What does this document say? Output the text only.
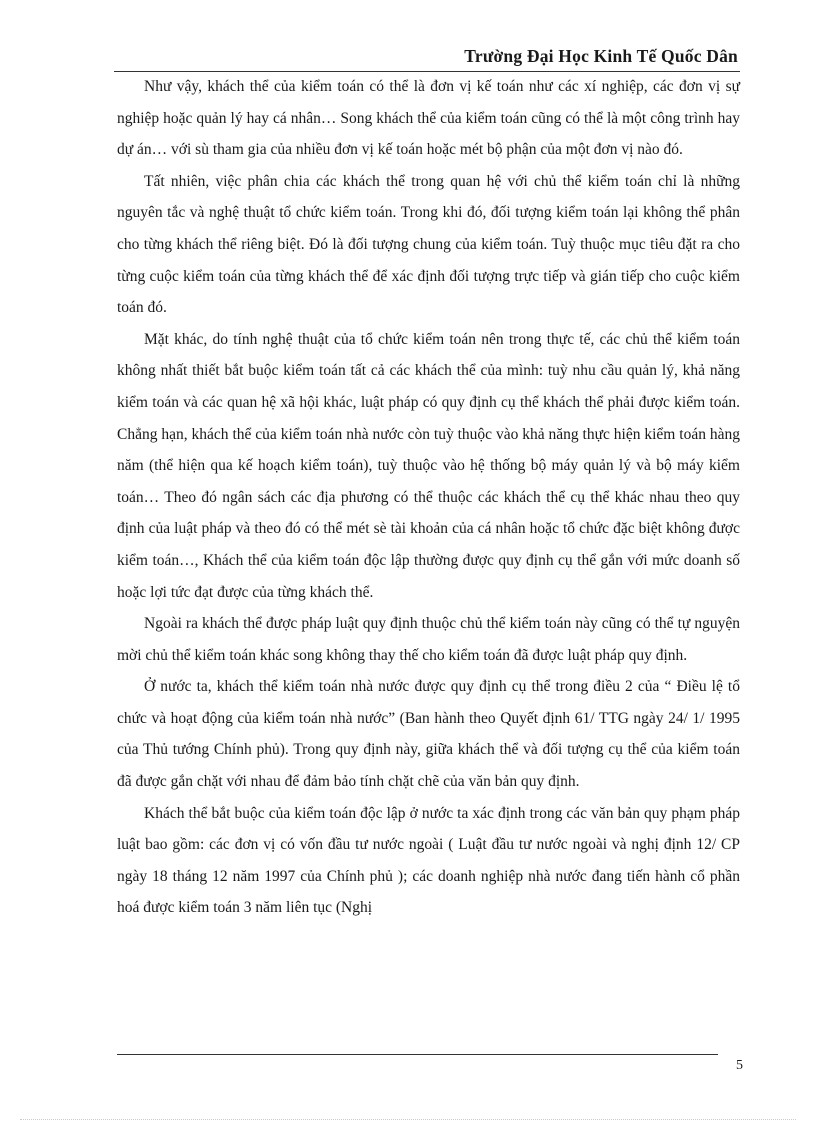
Trường Đại Học Kinh Tế Quốc Dân

Như vậy, khách thể của kiểm toán có thể là đơn vị kế toán như các xí nghiệp, các đơn vị sự nghiệp hoặc quản lý hay cá nhân… Song khách thể của kiểm toán cũng có thể là một công trình hay dự án… với sù tham gia của nhiều đơn vị kế toán hoặc mét bộ phận của một đơn vị nào đó.

Tất nhiên, việc phân chia các khách thể trong quan hệ với chủ thể kiểm toán chỉ là những nguyên tắc và nghệ thuật tổ chức kiểm toán. Trong khi đó, đối tượng kiểm toán lại không thể phân cho từng khách thể riêng biệt. Đó là đối tượng chung của kiểm toán. Tuỳ thuộc mục tiêu đặt ra cho từng cuộc kiểm toán của từng khách thể để xác định đối tượng trực tiếp và gián tiếp cho cuộc kiểm toán đó.

Mặt khác, do tính nghệ thuật của tổ chức kiểm toán nên trong thực tế, các chủ thể kiểm toán không nhất thiết bắt buộc kiểm toán tất cả các khách thể của mình: tuỳ nhu cầu quản lý, khả năng kiểm toán và các quan hệ xã hội khác, luật pháp có quy định cụ thể khách thể phải được kiểm toán. Chẳng hạn, khách thể của kiểm toán nhà nước còn tuỳ thuộc vào khả năng thực hiện kiểm toán hàng năm (thể hiện qua kế hoạch kiểm toán), tuỳ thuộc vào hệ thống bộ máy quản lý và bộ máy kiểm toán… Theo đó ngân sách các địa phương có thể thuộc các khách thể cụ thể khác nhau theo quy định của luật pháp và theo đó có thể mét sè tài khoản của cá nhân hoặc tổ chức đặc biệt không được kiểm toán…, Khách thể của kiểm toán độc lập thường được quy định cụ thể gắn với mức doanh số hoặc lợi tức đạt được của từng khách thể.

Ngoài ra khách thể được pháp luật quy định thuộc chủ thể kiểm toán này cũng có thể tự nguyện mời chủ thể kiểm toán khác song không thay thế cho kiểm toán đã được luật pháp quy định.

Ở nước ta, khách thể kiểm toán nhà nước được quy định cụ thể trong điều 2 của “ Điều lệ tổ chức và hoạt động của kiểm toán nhà nước” (Ban hành theo Quyết định 61/ TTG ngày 24/ 1/ 1995 của Thủ tướng Chính phủ). Trong quy định này, giữa khách thể và đối tượng cụ thể của kiểm toán đã được gắn chặt với nhau để đảm bảo tính chặt chẽ của văn bản quy định.

Khách thể bắt buộc của kiểm toán độc lập ở nước ta xác định trong các văn bản quy phạm pháp luật bao gồm: các đơn vị có vốn đầu tư nước ngoài ( Luật đầu tư nước ngoài và nghị định 12/ CP ngày 18 tháng 12 năm 1997 của Chính phủ ); các doanh nghiệp nhà nước đang tiến hành cổ phần hoá được kiểm toán 3 năm liên tục (Nghị

5
